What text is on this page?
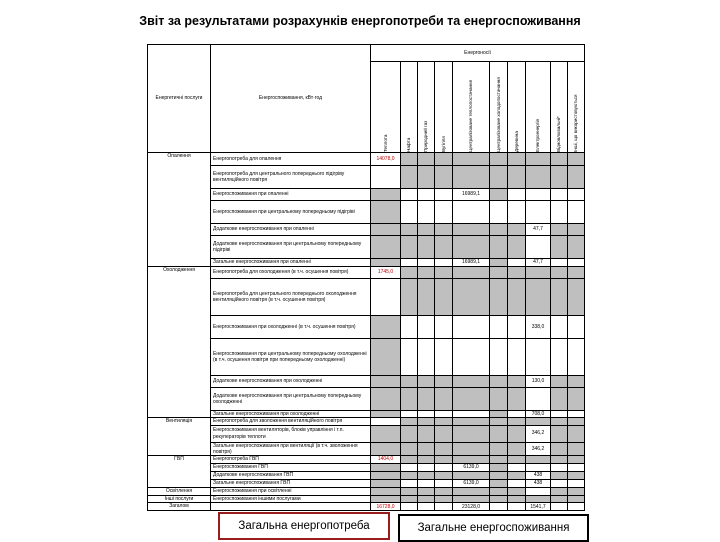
Звіт за результатами розрахунків енергопотреби та енергоспоживання
Енергетичні послуги	Енергоспоживання, кВт·год	Енергоносії									

		Теплота	Нафта	Природний газ	Вугілля	Централізоване теплопостачання	Централізоване холодопостачання	Деревина	Електроенергія	Відновлювальні*	Інші, що використовуються

Опалення	Енергопотреба для опалення	14078,0									
	Енергопотреба для центрального попереднього підігріву вентиляційного повітря										
	Енергоспоживання при опаленні					16989,1					
	Енергоспоживання при центральному попередньому підігріві										
	Додаткове енергоспоживання при опаленні								47,7		
	Додаткове енергоспоживання при центральному попередньому підігріві										
	Загальне енергоспоживання при опаленні					16989,1			47,7		
Охолодження	Енергопотреба для охолодження (в т.ч. осушення повітря)	1745,0									
	Енергопотреба для центрального попереднього охолодження вентиляційного повітря (в т.ч. осушення повітря)										
	Енергоспоживання при охолодженні (в т.ч. осушення повітря)								338,0		
	Енергоспоживання при центральному попередньому охолодженні (в т.ч. осушення повітря при попередньому охолодженні)										
	Додаткове енергоспоживання при охолодженні								130,0		
	Додаткове енергоспоживання при центральному попередньому охолодженні										
	Загальне енергоспоживання при охолодженні								708,0		
Вентиляція	Енергопотреба для зволоження вентиляційного повітря										
	Енергоспоживання вентиляторів, блоків управління і т.п. рекуператорів теплоти								346,2		
	Загальне енергоспоживання при вентиляції (в т.ч. зволоження повітря)								346,2		
ГВП	Енергопотреба ГВП	1404,0									
	Енергоспоживання ГВП					6139,0					
	Додаткове енергоспоживання ГВП								438		
	Загальне енергоспоживання ГВП					6139,0			438		
Освітлення	Енергоспоживання при освітленні										
Інші послуги	Енергоспоживання іншими послугами										
Загалом		16728,0				23128,0			1541,7		
Загальна енергопотреба	Загальне енергоспоживання
